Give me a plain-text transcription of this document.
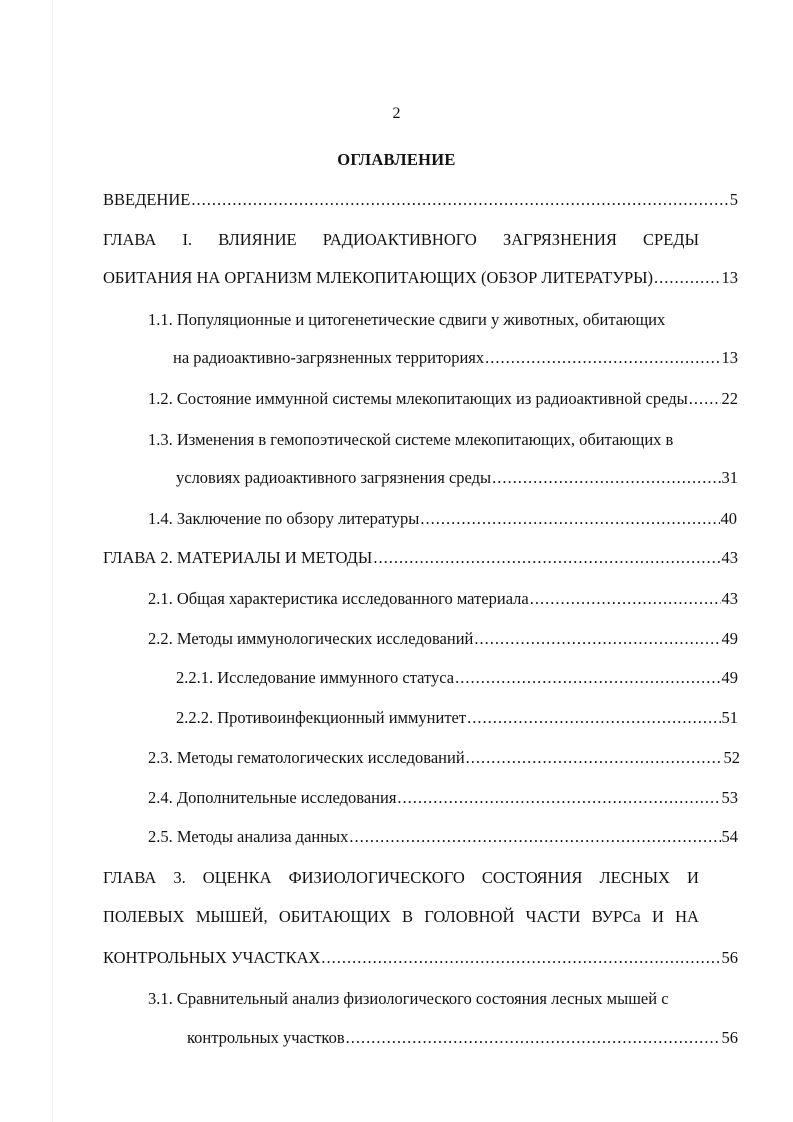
2
ОГЛАВЛЕНИЕ
ВВЕДЕНИЕ .....	5
ГЛАВА I. ВЛИЯНИЕ РАДИОАКТИВНОГО ЗАГРЯЗНЕНИЯ СРЕДЫ
ОБИТАНИЯ НА ОРГАНИЗМ МЛЕКОПИТАЮЩИХ (ОБЗОР ЛИТЕРАТУРЫ) .....	13
1.1. Популяционные и цитогенетические сдвиги у животных, обитающих
на радиоактивно-загрязненных территориях .....	13
1.2. Состояние иммунной системы млекопитающих из радиоактивной среды ..... 22
1.3. Изменения в гемопоэтической системе млекопитающих, обитающих в
условиях радиоактивного загрязнения среды .....	31
1.4. Заключение по обзору литературы .....	40
ГЛАВА 2. МАТЕРИАЛЫ И МЕТОДЫ .....	43
2.1. Общая характеристика исследованного материала .....	43
2.2. Методы иммунологических исследований .....	49
2.2.1. Исследование иммунного статуса .....	49
2.2.2. Противоинфекционный иммунитет .....	51
2.3. Методы гематологических исследований .....	52
2.4. Дополнительные исследования .....	53
2.5. Методы анализа данных .....	54
ГЛАВА 3. ОЦЕНКА ФИЗИОЛОГИЧЕСКОГО СОСТОЯНИЯ ЛЕСНЫХ И
ПОЛЕВЫХ МЫШЕЙ, ОБИТАЮЩИХ В ГОЛОВНОЙ ЧАСТИ ВУРСа И НА
КОНТРОЛЬНЫХ УЧАСТКАХ .....	56
3.1. Сравнительный анализ физиологического состояния лесных мышей с
контрольных участков .....	56
